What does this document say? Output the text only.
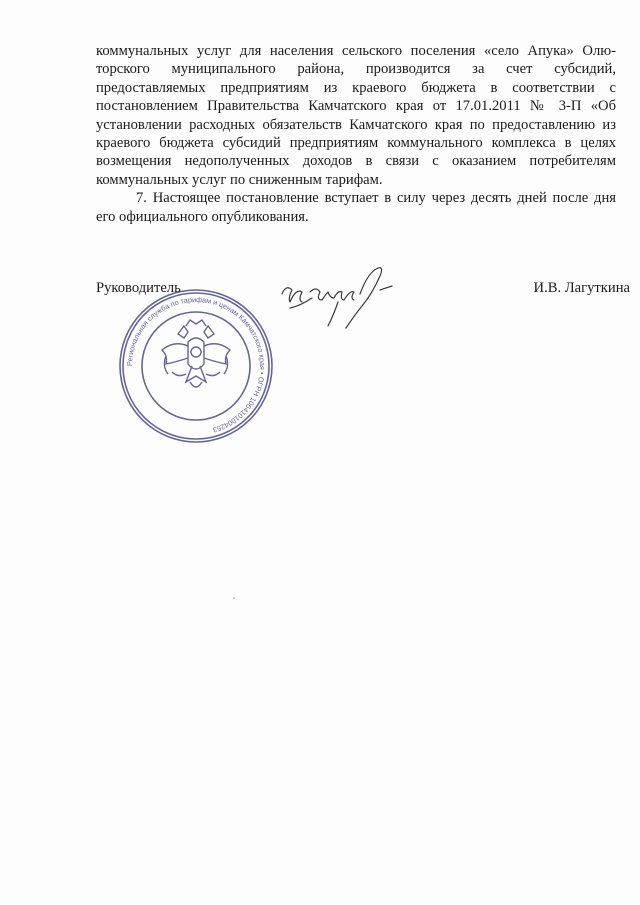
коммунальных услуг для населения сельского поселения «село Апука» Олю-
торского муниципального района, производится за счет субсидий,
предоставляемых предприятиям из краевого бюджета в соответствии с
постановлением Правительства Камчатского края от 17.01.2011 № 3-П «Об
установлении расходных обязательств Камчатского края по предоставлению из
краевого бюджета субсидий предприятиям коммунального комплекса в целях
возмещения недополученных доходов в связи с оказанием потребителям
коммунальных услуг по сниженным тарифам.

7. Настоящее постановление вступает в силу через десять дней после дня
его официального опубликования.

Региональная служба по тарифам и ценам Камчатского края • ОГРН 1064101004253
Руководитель	И.В. Лагуткина
